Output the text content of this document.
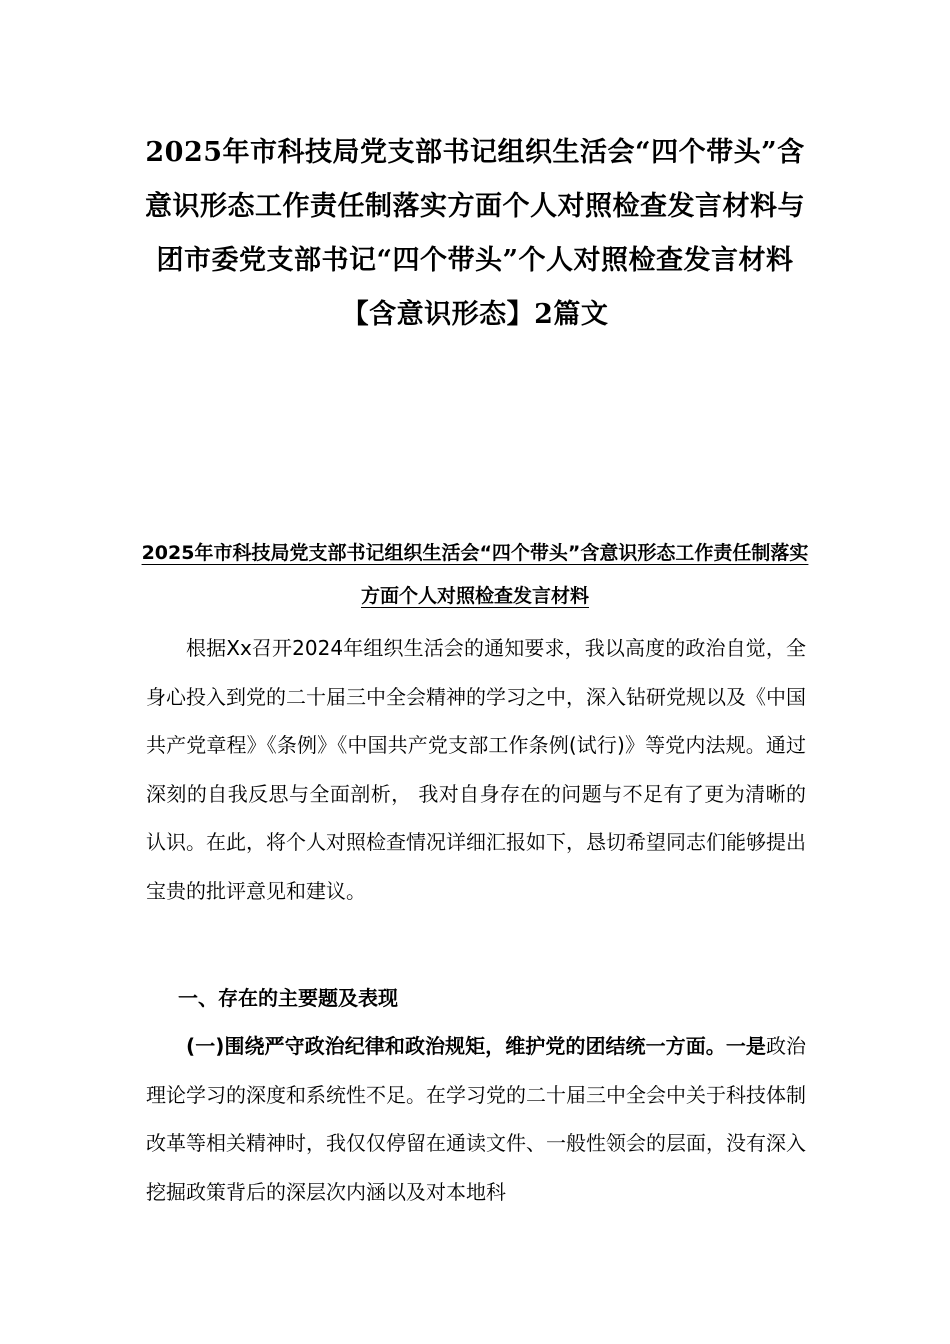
2025年市科技局党支部书记组织生活会“四个带头”含意识形态工作责任制落实方面个人对照检查发言材料与团市委党支部书记“四个带头”个人对照检查发言材料【含意识形态】2篇文
2025年市科技局党支部书记组织生活会“四个带头”含意识形态工作责任制落实方面个人对照检查发言材料

根据Xx召开2024年组织生活会的通知要求，我以高度的政治自觉，全身心投入到党的二十届三中全会精神的学习之中，深入钻研党规以及《中国共产党章程》《条例》《中国共产党支部工作条例(试行)》等党内法规。通过深刻的自我反思与全面剖析， 我对自身存在的问题与不足有了更为清晰的认识。在此，将个人对照检查情况详细汇报如下，恳切希望同志们能够提出宝贵的批评意见和建议。

一、存在的主要题及表现

(一)围绕严守政治纪律和政治规矩，维护党的团结统一方面。一是政治理论学习的深度和系统性不足。在学习党的二十届三中全会中关于科技体制改革等相关精神时，我仅仅停留在通读文件、一般性领会的层面，没有深入挖掘政策背后的深层次内涵以及对本地科
